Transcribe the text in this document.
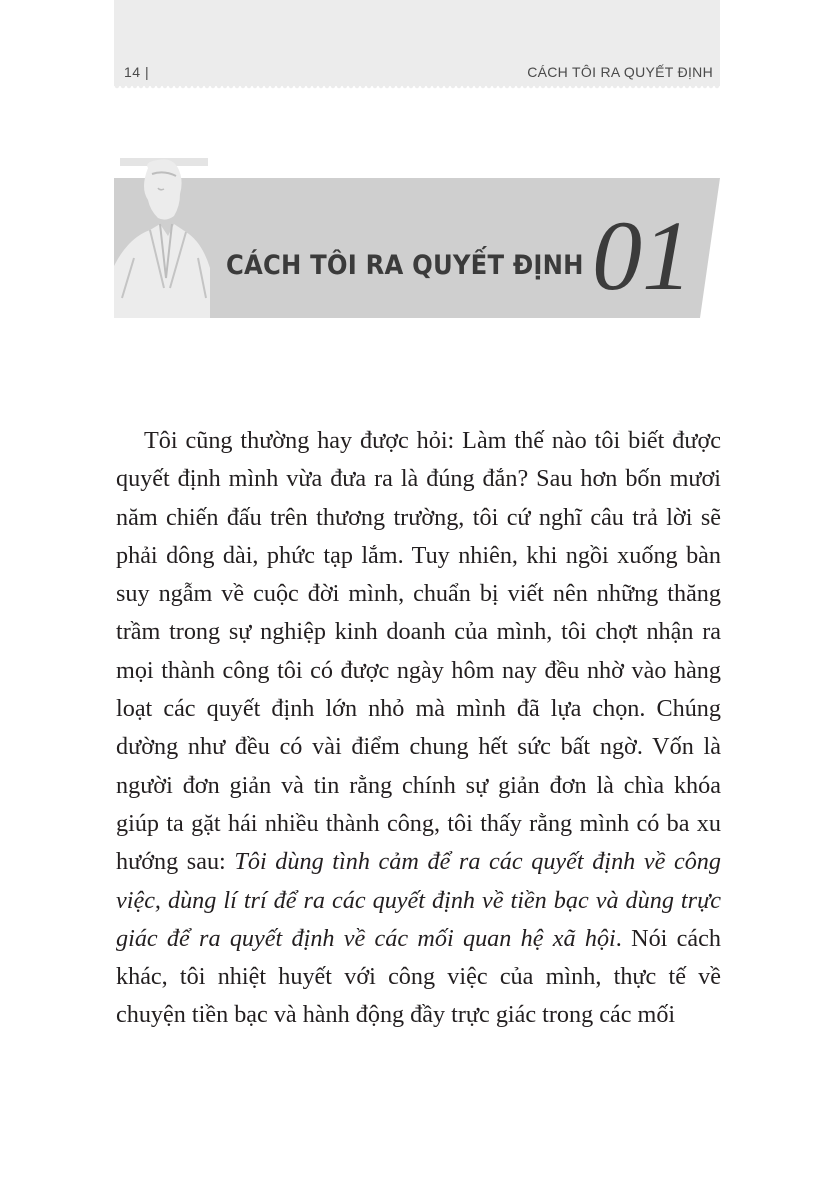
14 |	CÁCH TÔI RA QUYẾT ĐỊNH
CÁCH TÔI RA QUYẾT ĐỊNH 01

Tôi cũng thường hay được hỏi: Làm thế nào tôi biết được quyết định mình vừa đưa ra là đúng đắn? Sau hơn bốn mươi năm chiến đấu trên thương trường, tôi cứ nghĩ câu trả lời sẽ phải dông dài, phức tạp lắm. Tuy nhiên, khi ngồi xuống bàn suy ngẫm về cuộc đời mình, chuẩn bị viết nên những thăng trầm trong sự nghiệp kinh doanh của mình, tôi chợt nhận ra mọi thành công tôi có được ngày hôm nay đều nhờ vào hàng loạt các quyết định lớn nhỏ mà mình đã lựa chọn. Chúng dường như đều có vài điểm chung hết sức bất ngờ. Vốn là người đơn giản và tin rằng chính sự giản đơn là chìa khóa giúp ta gặt hái nhiều thành công, tôi thấy rằng mình có ba xu hướng sau: Tôi dùng tình cảm để ra các quyết định về công việc, dùng lí trí để ra các quyết định về tiền bạc và dùng trực giác để ra quyết định về các mối quan hệ xã hội. Nói cách khác, tôi nhiệt huyết với công việc của mình, thực tế về chuyện tiền bạc và hành động đầy trực giác trong các mối
